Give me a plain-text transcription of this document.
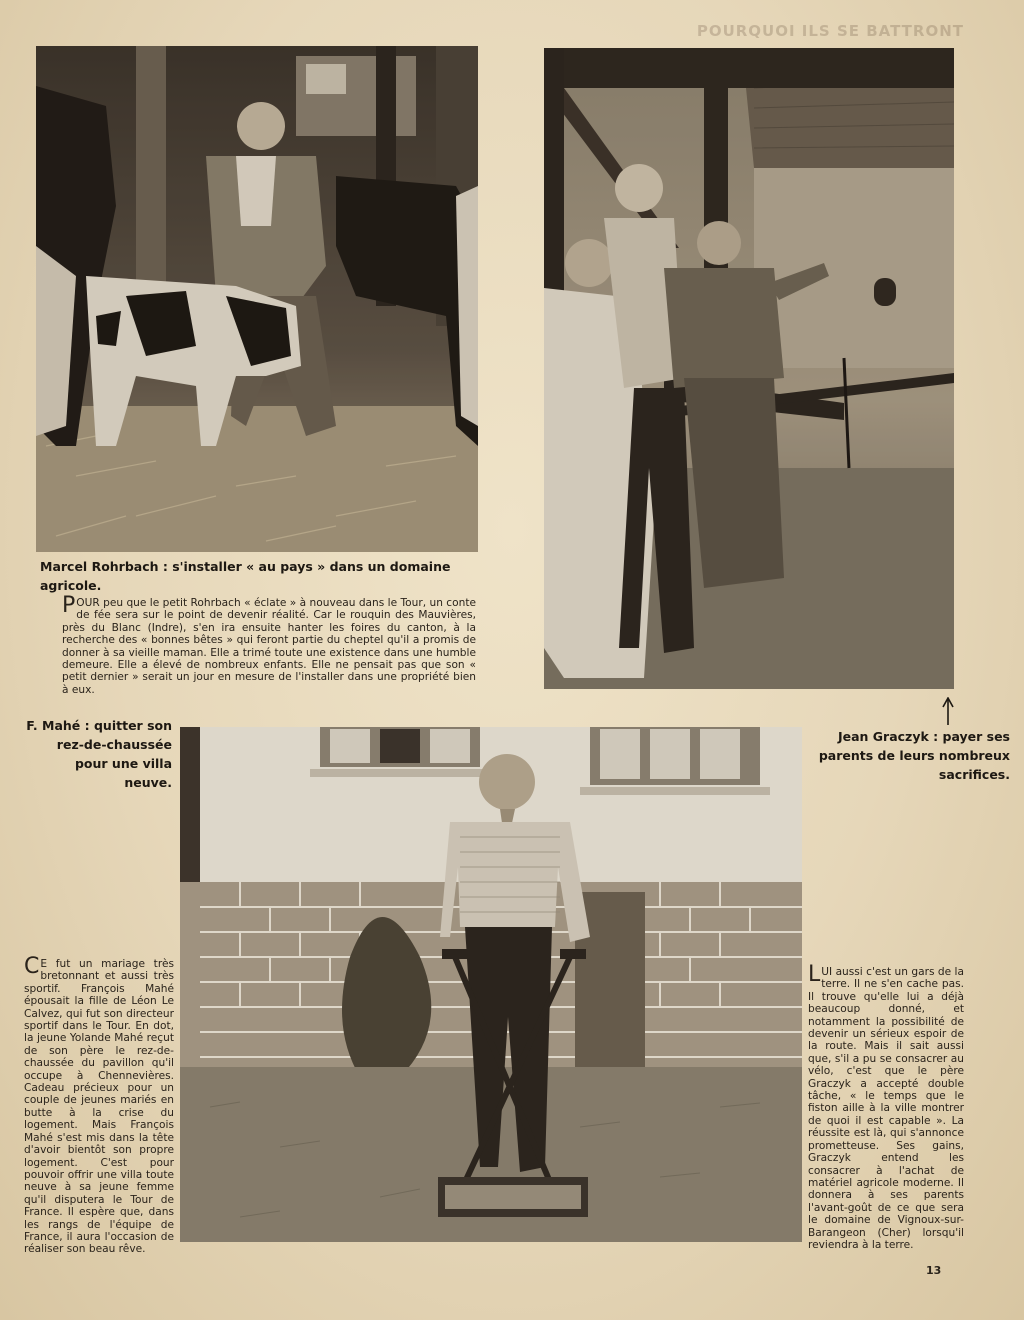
POURQUOI ILS SE BATTRONT
Marcel Rohrbach : s'installer « au pays » dans un domaine agricole.
F. Mahé : quitter son rez-de-chaussée pour une villa neuve.
Jean Graczyk : payer ses parents de leurs nombreux sacrifices.
POUR peu que le petit Rohrbach « éclate » à nouveau dans le Tour, un conte de fée sera sur le point de devenir réalité. Car le rouquin des Mauvières, près du Blanc (Indre), s'en ira ensuite hanter les foires du canton, à la recherche des « bonnes bêtes » qui feront partie du cheptel qu'il a promis de donner à sa vieille maman. Elle a trimé toute une existence dans une humble demeure. Elle a élevé de nombreux enfants. Elle ne pensait pas que son « petit dernier » serait un jour en mesure de l'installer dans une propriété bien à eux.
C E fut un mariage très bretonnant et aussi très sportif. François Mahé épousait la fille de Léon Le Calvez, qui fut son directeur sportif dans le Tour. En dot, la jeune Yolande Mahé reçut de son père le rez-de-chaussée du pavillon qu'il occupe à Chennevières. Cadeau précieux pour un couple de jeunes mariés en butte à la crise du logement. Mais François Mahé s'est mis dans la tête d'avoir bientôt son propre logement. C'est pour pouvoir offrir une villa toute neuve à sa jeune femme qu'il disputera le Tour de France. Il espère que, dans les rangs de l'équipe de France, il aura l'occasion de réaliser son beau rêve.
LUI aussi c'est un gars de la terre. Il ne s'en cache pas. Il trouve qu'elle lui a déjà beaucoup donné, et notamment la possibilité de devenir un sérieux espoir de la route. Mais il sait aussi que, s'il a pu se consacrer au vélo, c'est que le père Graczyk a accepté double tâche, « le temps que le fiston aille à la ville montrer de quoi il est capable ». La réussite est là, qui s'annonce prometteuse. Ses gains, Graczyk entend les consacrer à l'achat de matériel agricole moderne. Il donnera à ses parents l'avant-goût de ce que sera le domaine de Vignoux-sur-Barangeon (Cher) lorsqu'il reviendra à la terre.
13
